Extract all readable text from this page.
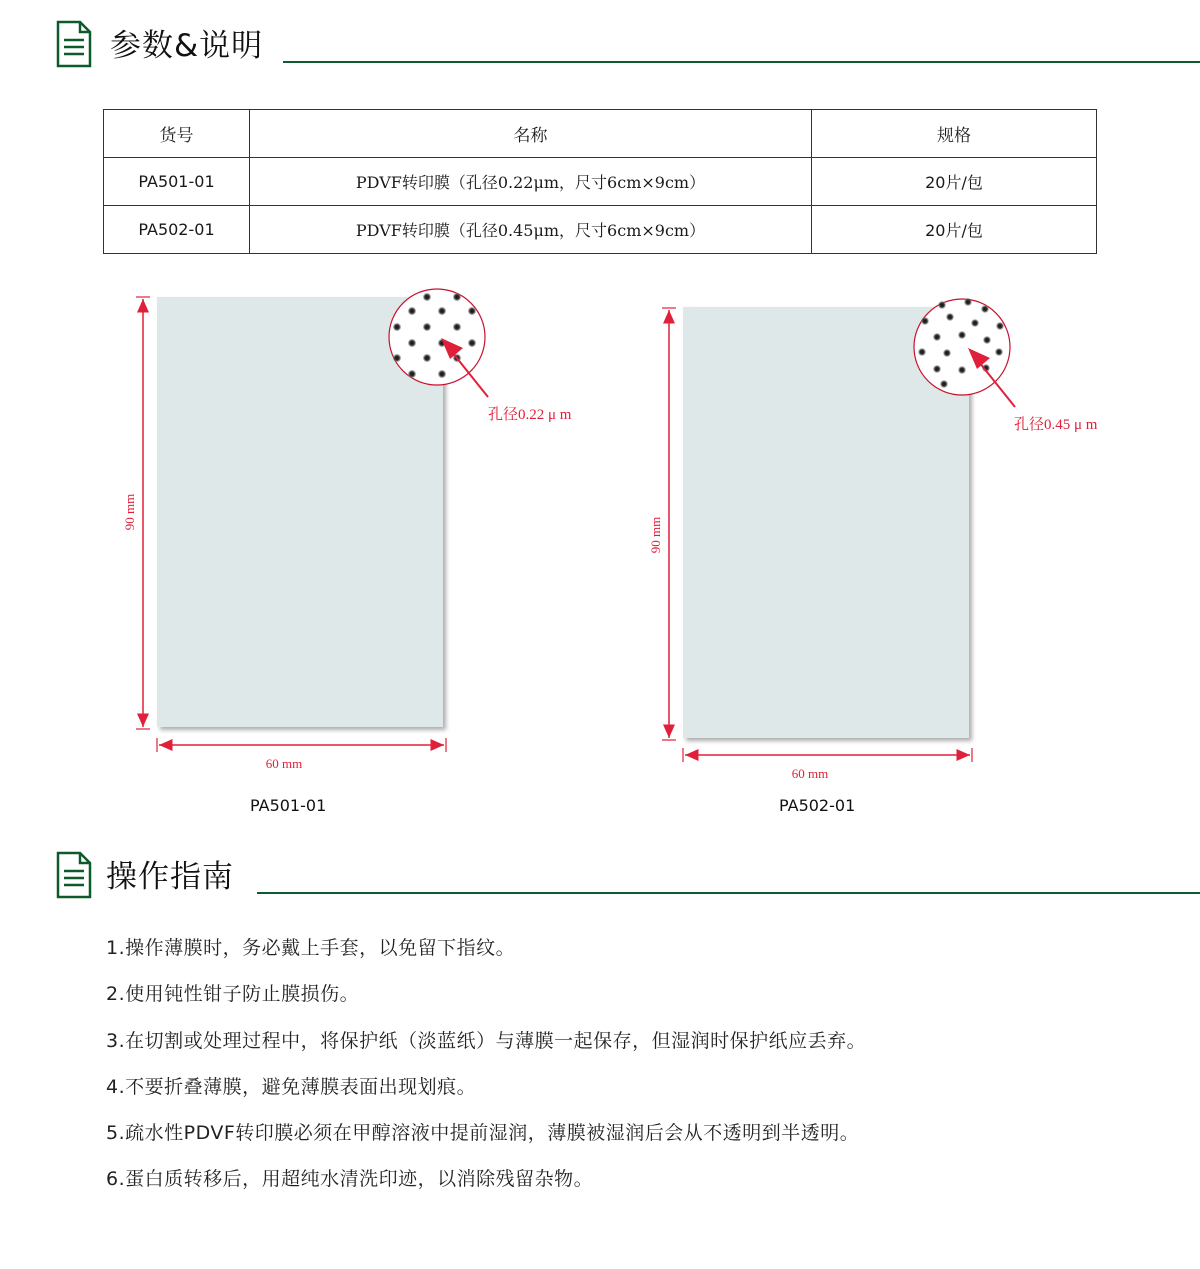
参数&说明
货号	名称	规格
PA501-01	PDVF转印膜（孔径0.22μm，尺寸6cm×9cm）	20片/包
PA502-01	PDVF转印膜（孔径0.45μm，尺寸6cm×9cm）	20片/包
90 mm
60 mm
孔径0.22 μ m
90 mm
60 mm
孔径0.45 μ m
PA501-01	PA502-01
操作指南
1.操作薄膜时，务必戴上手套，以免留下指纹。
2.使用钝性钳子防止膜损伤。
3.在切割或处理过程中，将保护纸（淡蓝纸）与薄膜一起保存，但湿润时保护纸应丢弃。
4.不要折叠薄膜，避免薄膜表面出现划痕。
5.疏水性PDVF转印膜必须在甲醇溶液中提前湿润，薄膜被湿润后会从不透明到半透明。
6.蛋白质转移后，用超纯水清洗印迹，以消除残留杂物。
